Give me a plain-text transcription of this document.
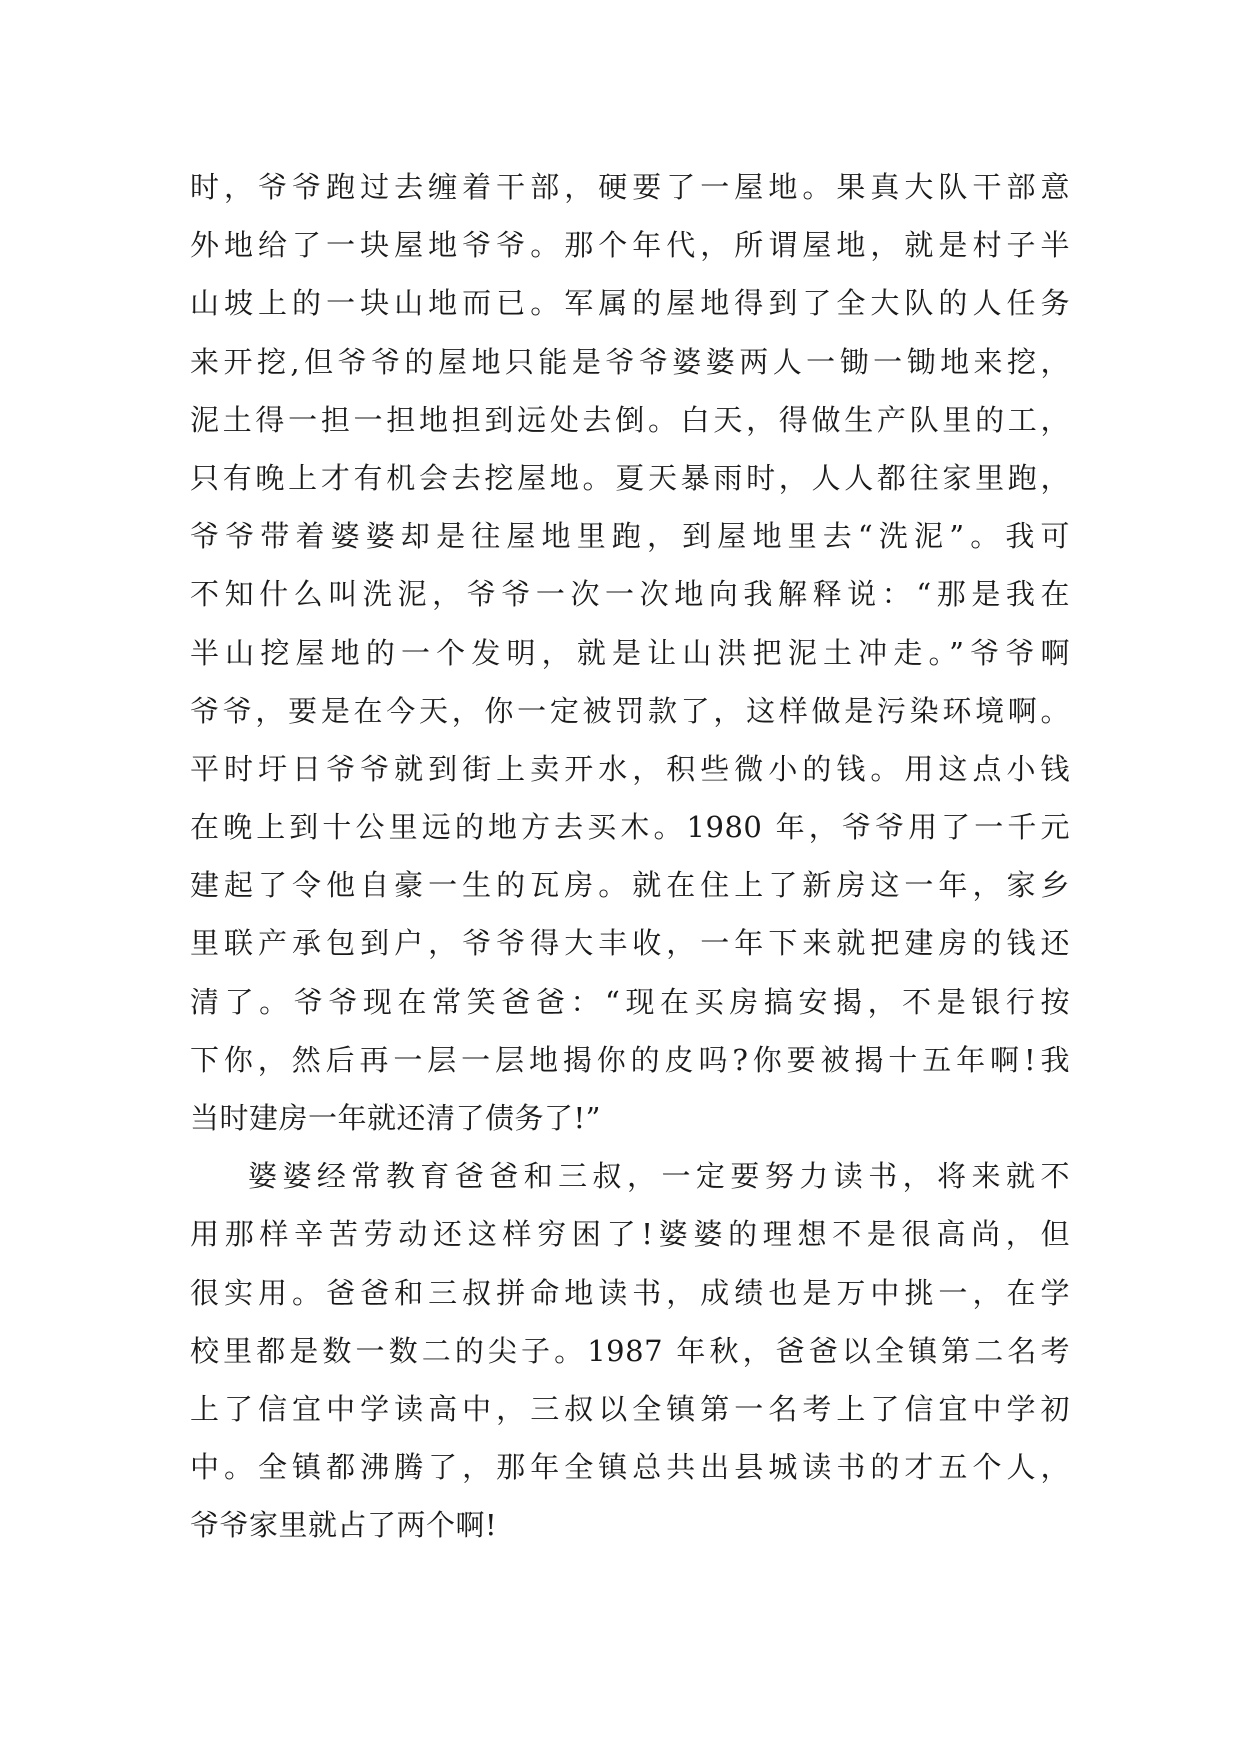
时，爷爷跑过去缠着干部，硬要了一屋地。果真大队干部意
外地给了一块屋地爷爷。那个年代，所谓屋地，就是村子半
山坡上的一块山地而已。军属的屋地得到了全大队的人任务
来开挖,但爷爷的屋地只能是爷爷婆婆两人一锄一锄地来挖，
泥土得一担一担地担到远处去倒。白天，得做生产队里的工，
只有晚上才有机会去挖屋地。夏天暴雨时，人人都往家里跑，
爷爷带着婆婆却是往屋地里跑，到屋地里去“洗泥”。我可
不知什么叫洗泥，爷爷一次一次地向我解释说：“那是我在
半山挖屋地的一个发明，就是让山洪把泥土冲走。”爷爷啊
爷爷，要是在今天，你一定被罚款了，这样做是污染环境啊。
平时圩日爷爷就到街上卖开水，积些微小的钱。用这点小钱
在晚上到十公里远的地方去买木。1980 年，爷爷用了一千元
建起了令他自豪一生的瓦房。就在住上了新房这一年，家乡
里联产承包到户，爷爷得大丰收，一年下来就把建房的钱还
清了。爷爷现在常笑爸爸：“现在买房搞安揭，不是银行按
下你，然后再一层一层地揭你的皮吗?你要被揭十五年啊!我
当时建房一年就还清了债务了!”
婆婆经常教育爸爸和三叔，一定要努力读书，将来就不
用那样辛苦劳动还这样穷困了!婆婆的理想不是很高尚，但
很实用。爸爸和三叔拼命地读书，成绩也是万中挑一，在学
校里都是数一数二的尖子。1987 年秋，爸爸以全镇第二名考
上了信宜中学读高中，三叔以全镇第一名考上了信宜中学初
中。全镇都沸腾了，那年全镇总共出县城读书的才五个人，
爷爷家里就占了两个啊!
